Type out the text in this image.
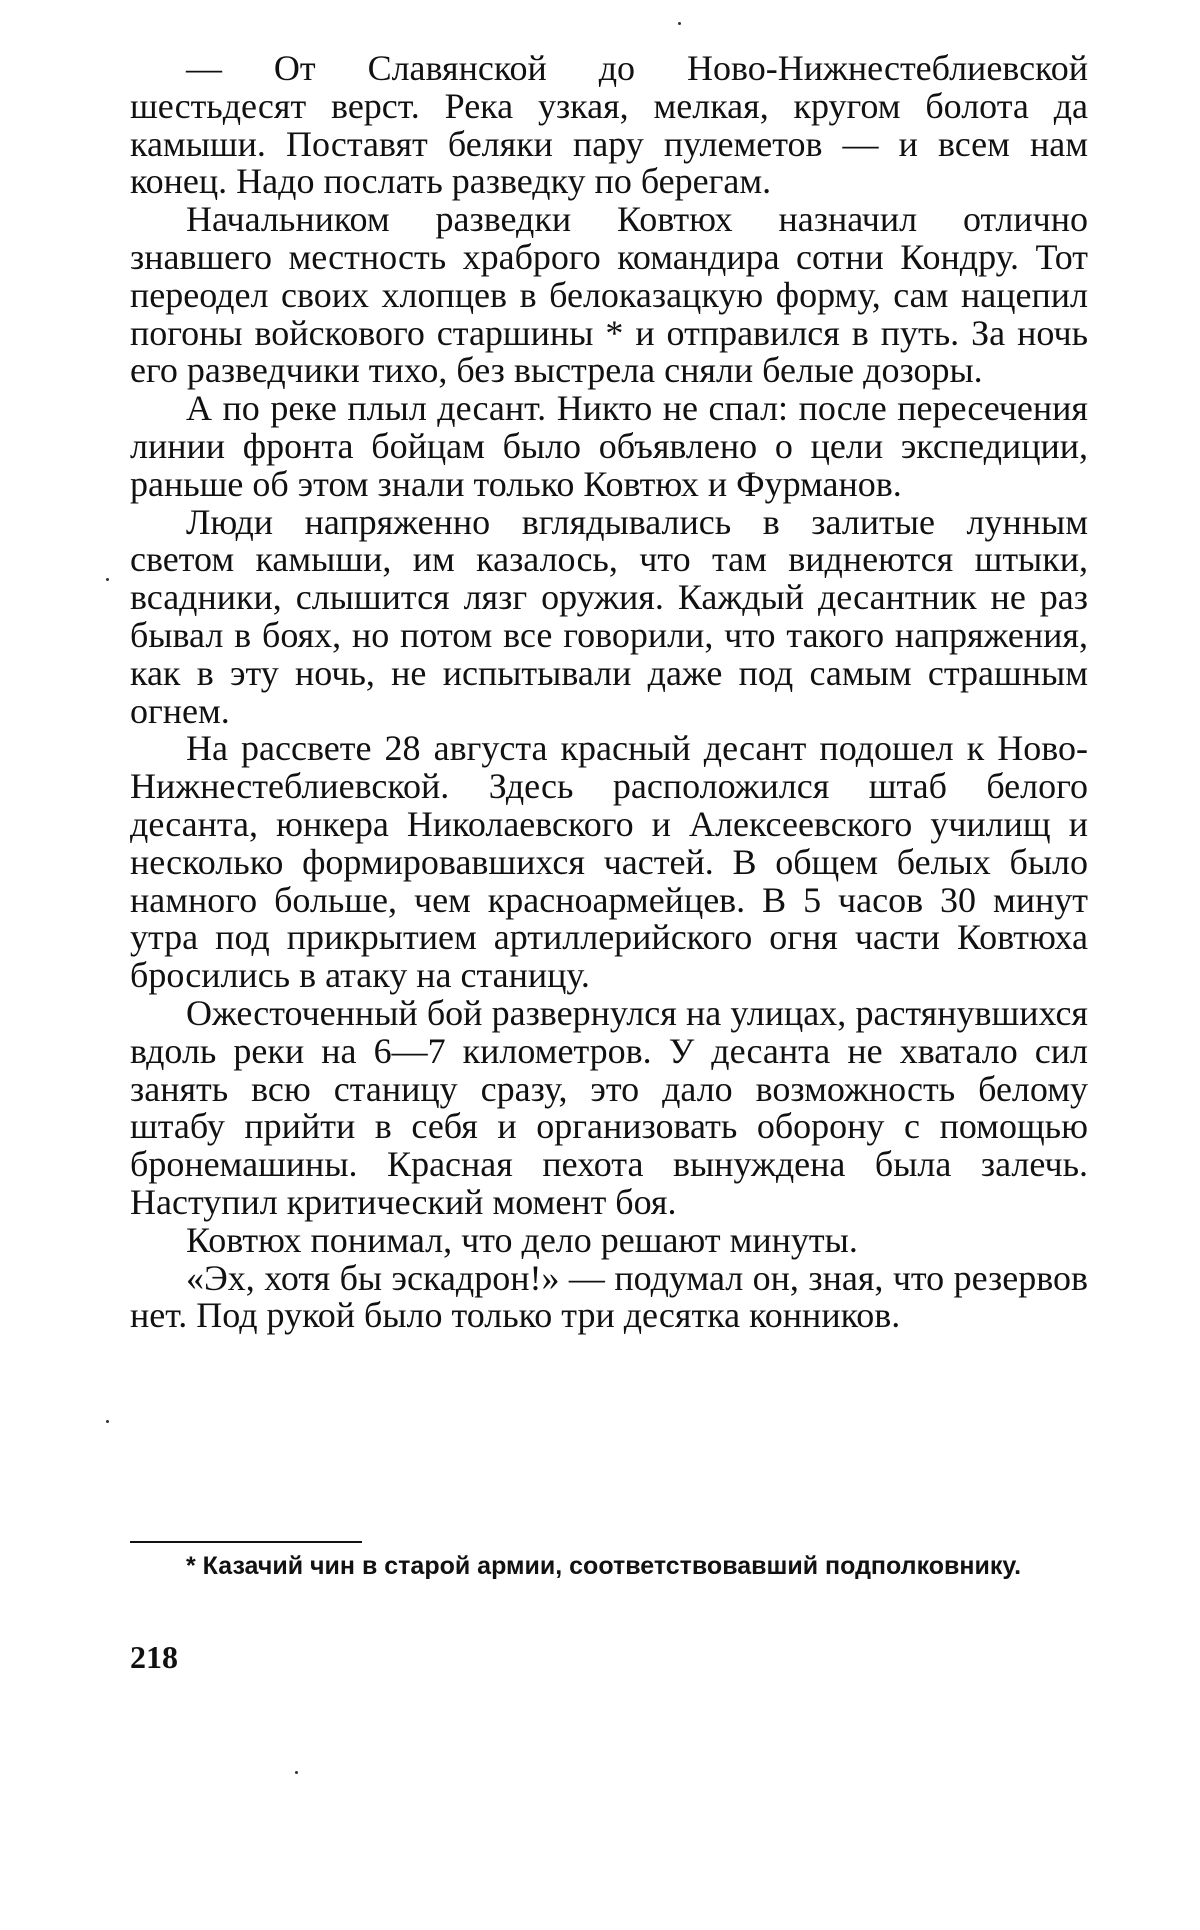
— От Славянской до Ново-Нижнестеблиевской шестьдесят верст. Река узкая, мелкая, кругом болота да камыши. Поставят беляки пару пулеметов — и всем нам конец. Надо послать разведку по берегам.

Начальником разведки Ковтюх назначил отлично знавшего местность храброго командира сотни Кондру. Тот переодел своих хлопцев в белоказацкую форму, сам нацепил погоны войскового старшины * и отправился в путь. За ночь его разведчики тихо, без выстрела сняли белые дозоры.

А по реке плыл десант. Никто не спал: после пересечения линии фронта бойцам было объявлено о цели экспедиции, раньше об этом знали только Ковтюх и Фурманов.

Люди напряженно вглядывались в залитые лунным светом камыши, им казалось, что там виднеются штыки, всадники, слышится лязг оружия. Каждый десантник не раз бывал в боях, но потом все говорили, что такого напряжения, как в эту ночь, не испытывали даже под самым страшным огнем.

На рассвете 28 августа красный десант подошел к Ново-Нижнестеблиевской. Здесь расположился штаб белого десанта, юнкера Николаевского и Алексеевского училищ и несколько формировавшихся частей. В общем белых было намного больше, чем красноармейцев. В 5 часов 30 минут утра под прикрытием артиллерийского огня части Ковтюха бросились в атаку на станицу.

Ожесточенный бой развернулся на улицах, растянувшихся вдоль реки на 6—7 километров. У десанта не хватало сил занять всю станицу сразу, это дало возможность белому штабу прийти в себя и организовать оборону с помощью бронемашины. Красная пехота вынуждена была залечь. Наступил критический момент боя.

Ковтюх понимал, что дело решают минуты.

«Эх, хотя бы эскадрон!» — подумал он, зная, что резервов нет. Под рукой было только три десятка конников.

* Казачий чин в старой армии, соответствовавший подполковнику.
218
